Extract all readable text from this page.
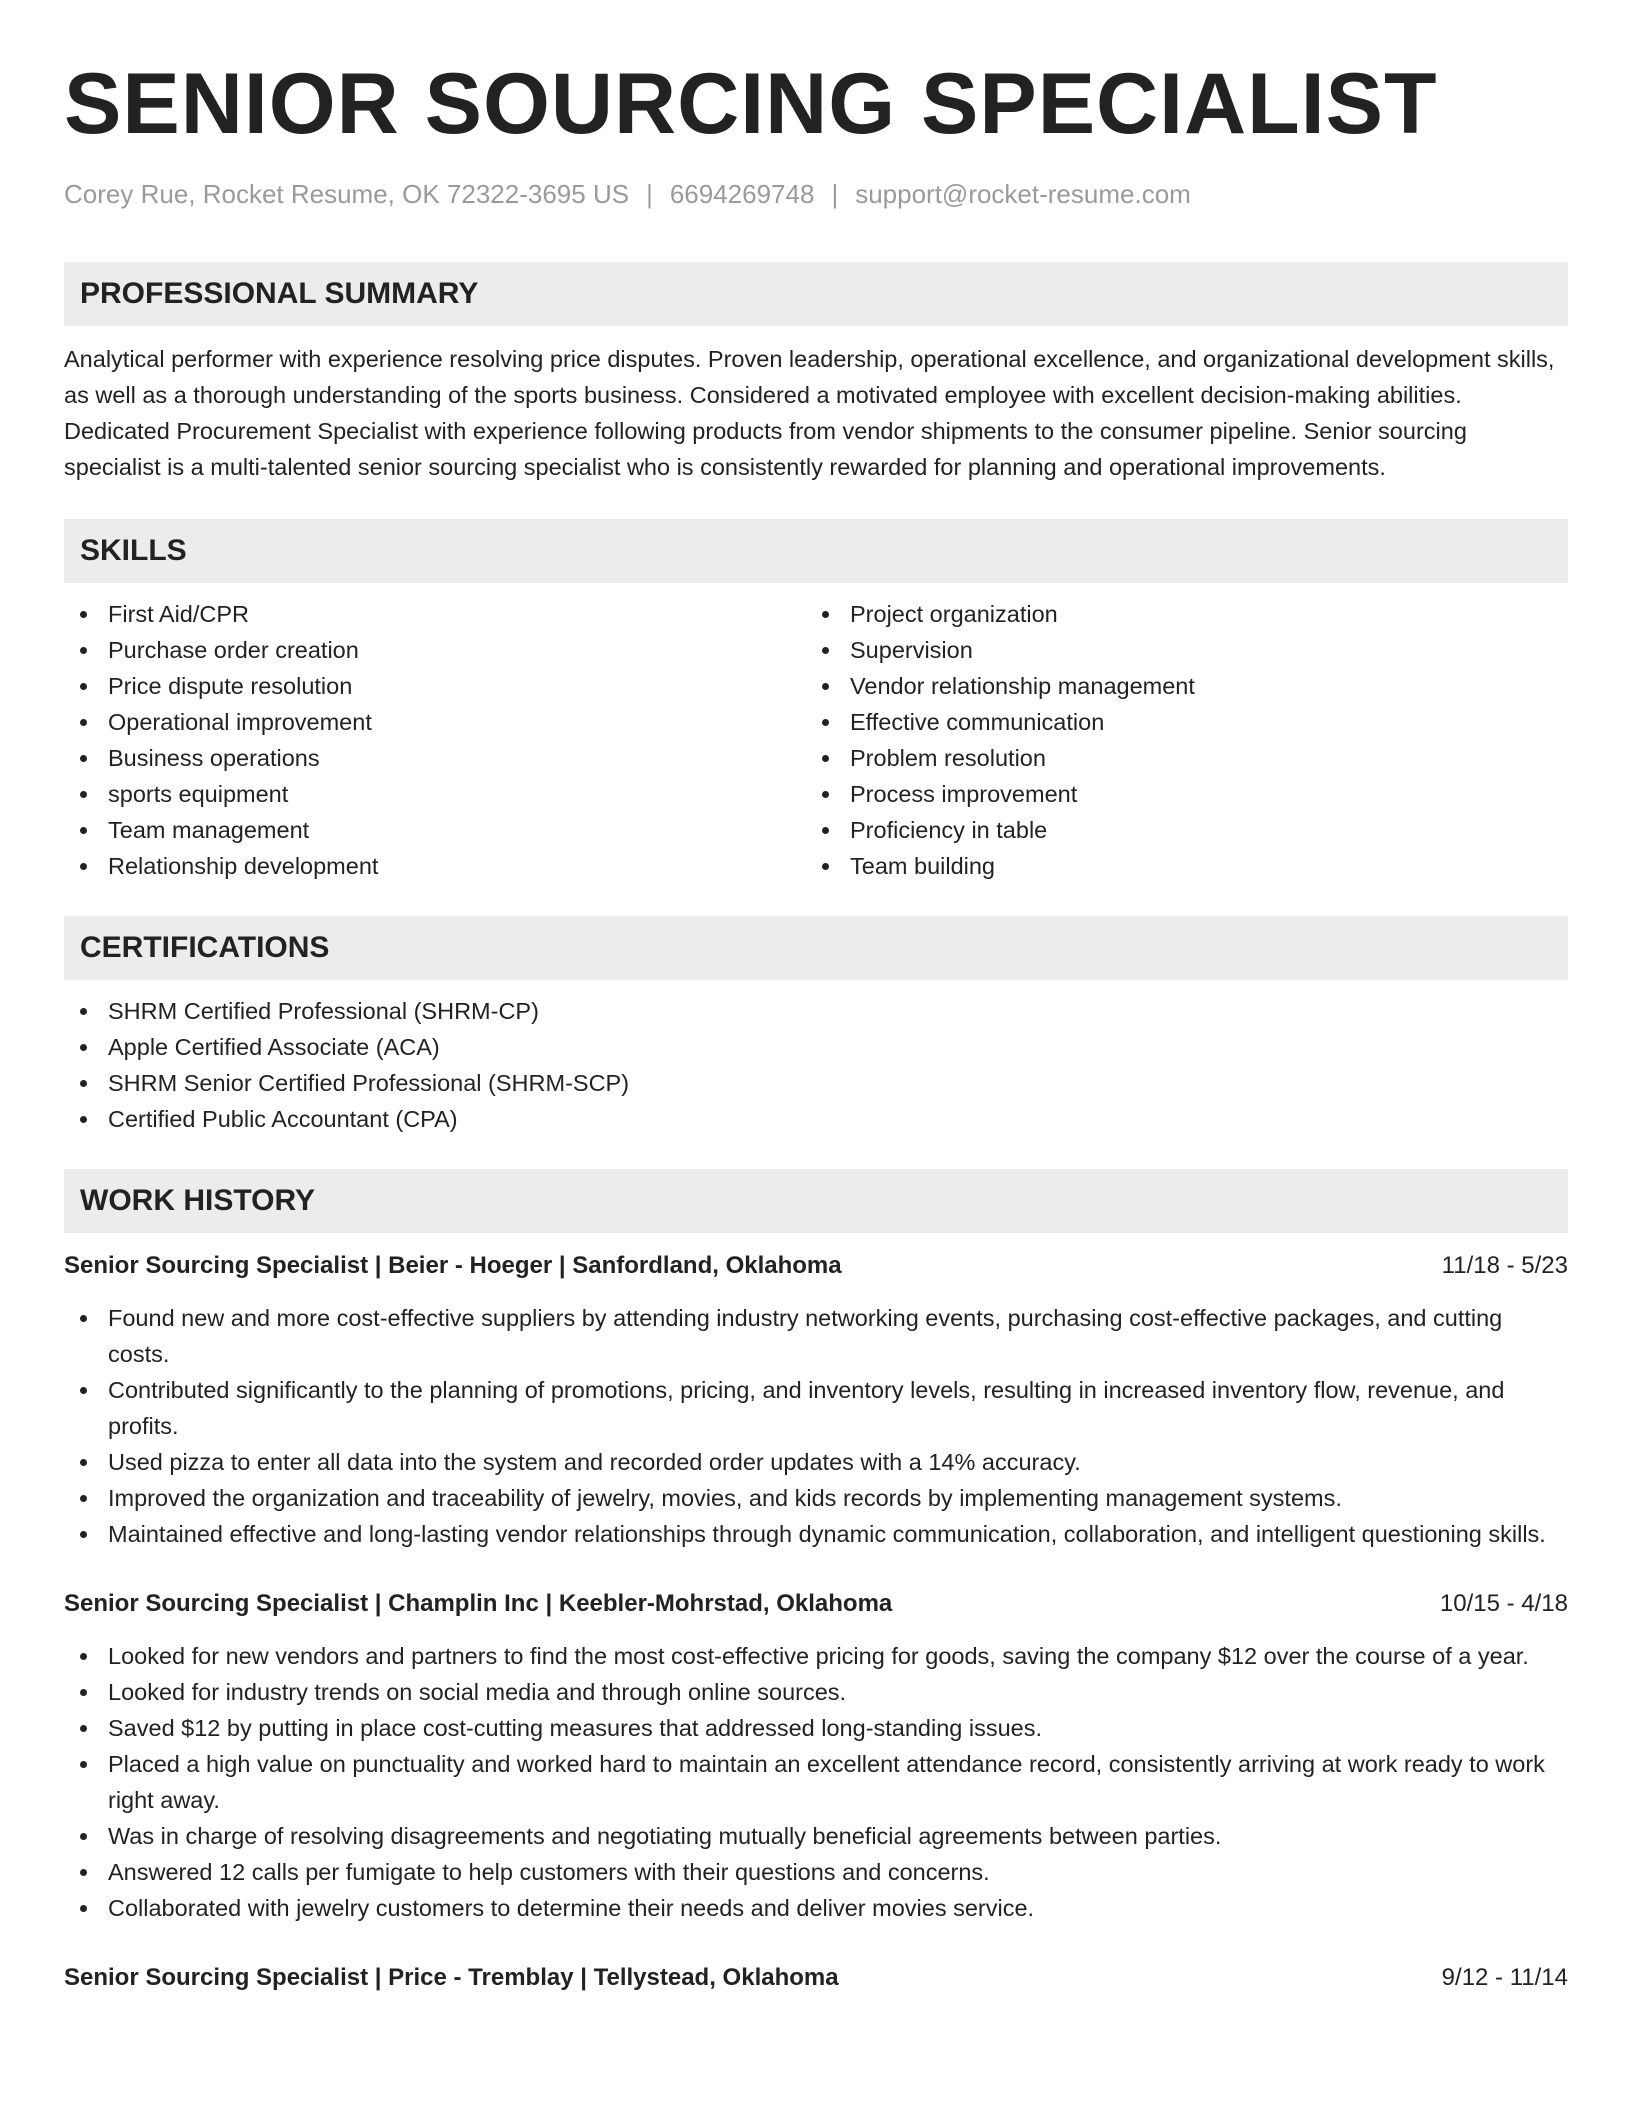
SENIOR SOURCING SPECIALIST
Corey Rue, Rocket Resume, OK 72322-3695 US | 6694269748 | support@rocket-resume.com
PROFESSIONAL SUMMARY

Analytical performer with experience resolving price disputes. Proven leadership, operational excellence, and organizational development skills, as well as a thorough understanding of the sports business. Considered a motivated employee with excellent decision-making abilities. Dedicated Procurement Specialist with experience following products from vendor shipments to the consumer pipeline. Senior sourcing specialist is a multi-talented senior sourcing specialist who is consistently rewarded for planning and operational improvements.

SKILLS
First Aid/CPR
Purchase order creation
Price dispute resolution
Operational improvement
Business operations
sports equipment
Team management
Relationship development
Project organization
Supervision
Vendor relationship management
Effective communication
Problem resolution
Process improvement
Proficiency in table
Team building
CERTIFICATIONS
SHRM Certified Professional (SHRM-CP)
Apple Certified Associate (ACA)
SHRM Senior Certified Professional (SHRM-SCP)
Certified Public Accountant (CPA)
WORK HISTORY
Senior Sourcing Specialist | Beier - Hoeger | Sanfordland, Oklahoma	11/18 - 5/23
Found new and more cost-effective suppliers by attending industry networking events, purchasing cost-effective packages, and cutting costs.
Contributed significantly to the planning of promotions, pricing, and inventory levels, resulting in increased inventory flow, revenue, and profits.
Used pizza to enter all data into the system and recorded order updates with a 14% accuracy.
Improved the organization and traceability of jewelry, movies, and kids records by implementing management systems.
Maintained effective and long-lasting vendor relationships through dynamic communication, collaboration, and intelligent questioning skills.
Senior Sourcing Specialist | Champlin Inc | Keebler-Mohrstad, Oklahoma	10/15 - 4/18
Looked for new vendors and partners to find the most cost-effective pricing for goods, saving the company $12 over the course of a year.
Looked for industry trends on social media and through online sources.
Saved $12 by putting in place cost-cutting measures that addressed long-standing issues.
Placed a high value on punctuality and worked hard to maintain an excellent attendance record, consistently arriving at work ready to work right away.
Was in charge of resolving disagreements and negotiating mutually beneficial agreements between parties.
Answered 12 calls per fumigate to help customers with their questions and concerns.
Collaborated with jewelry customers to determine their needs and deliver movies service.
Senior Sourcing Specialist | Price - Tremblay | Tellystead, Oklahoma	9/12 - 11/14
